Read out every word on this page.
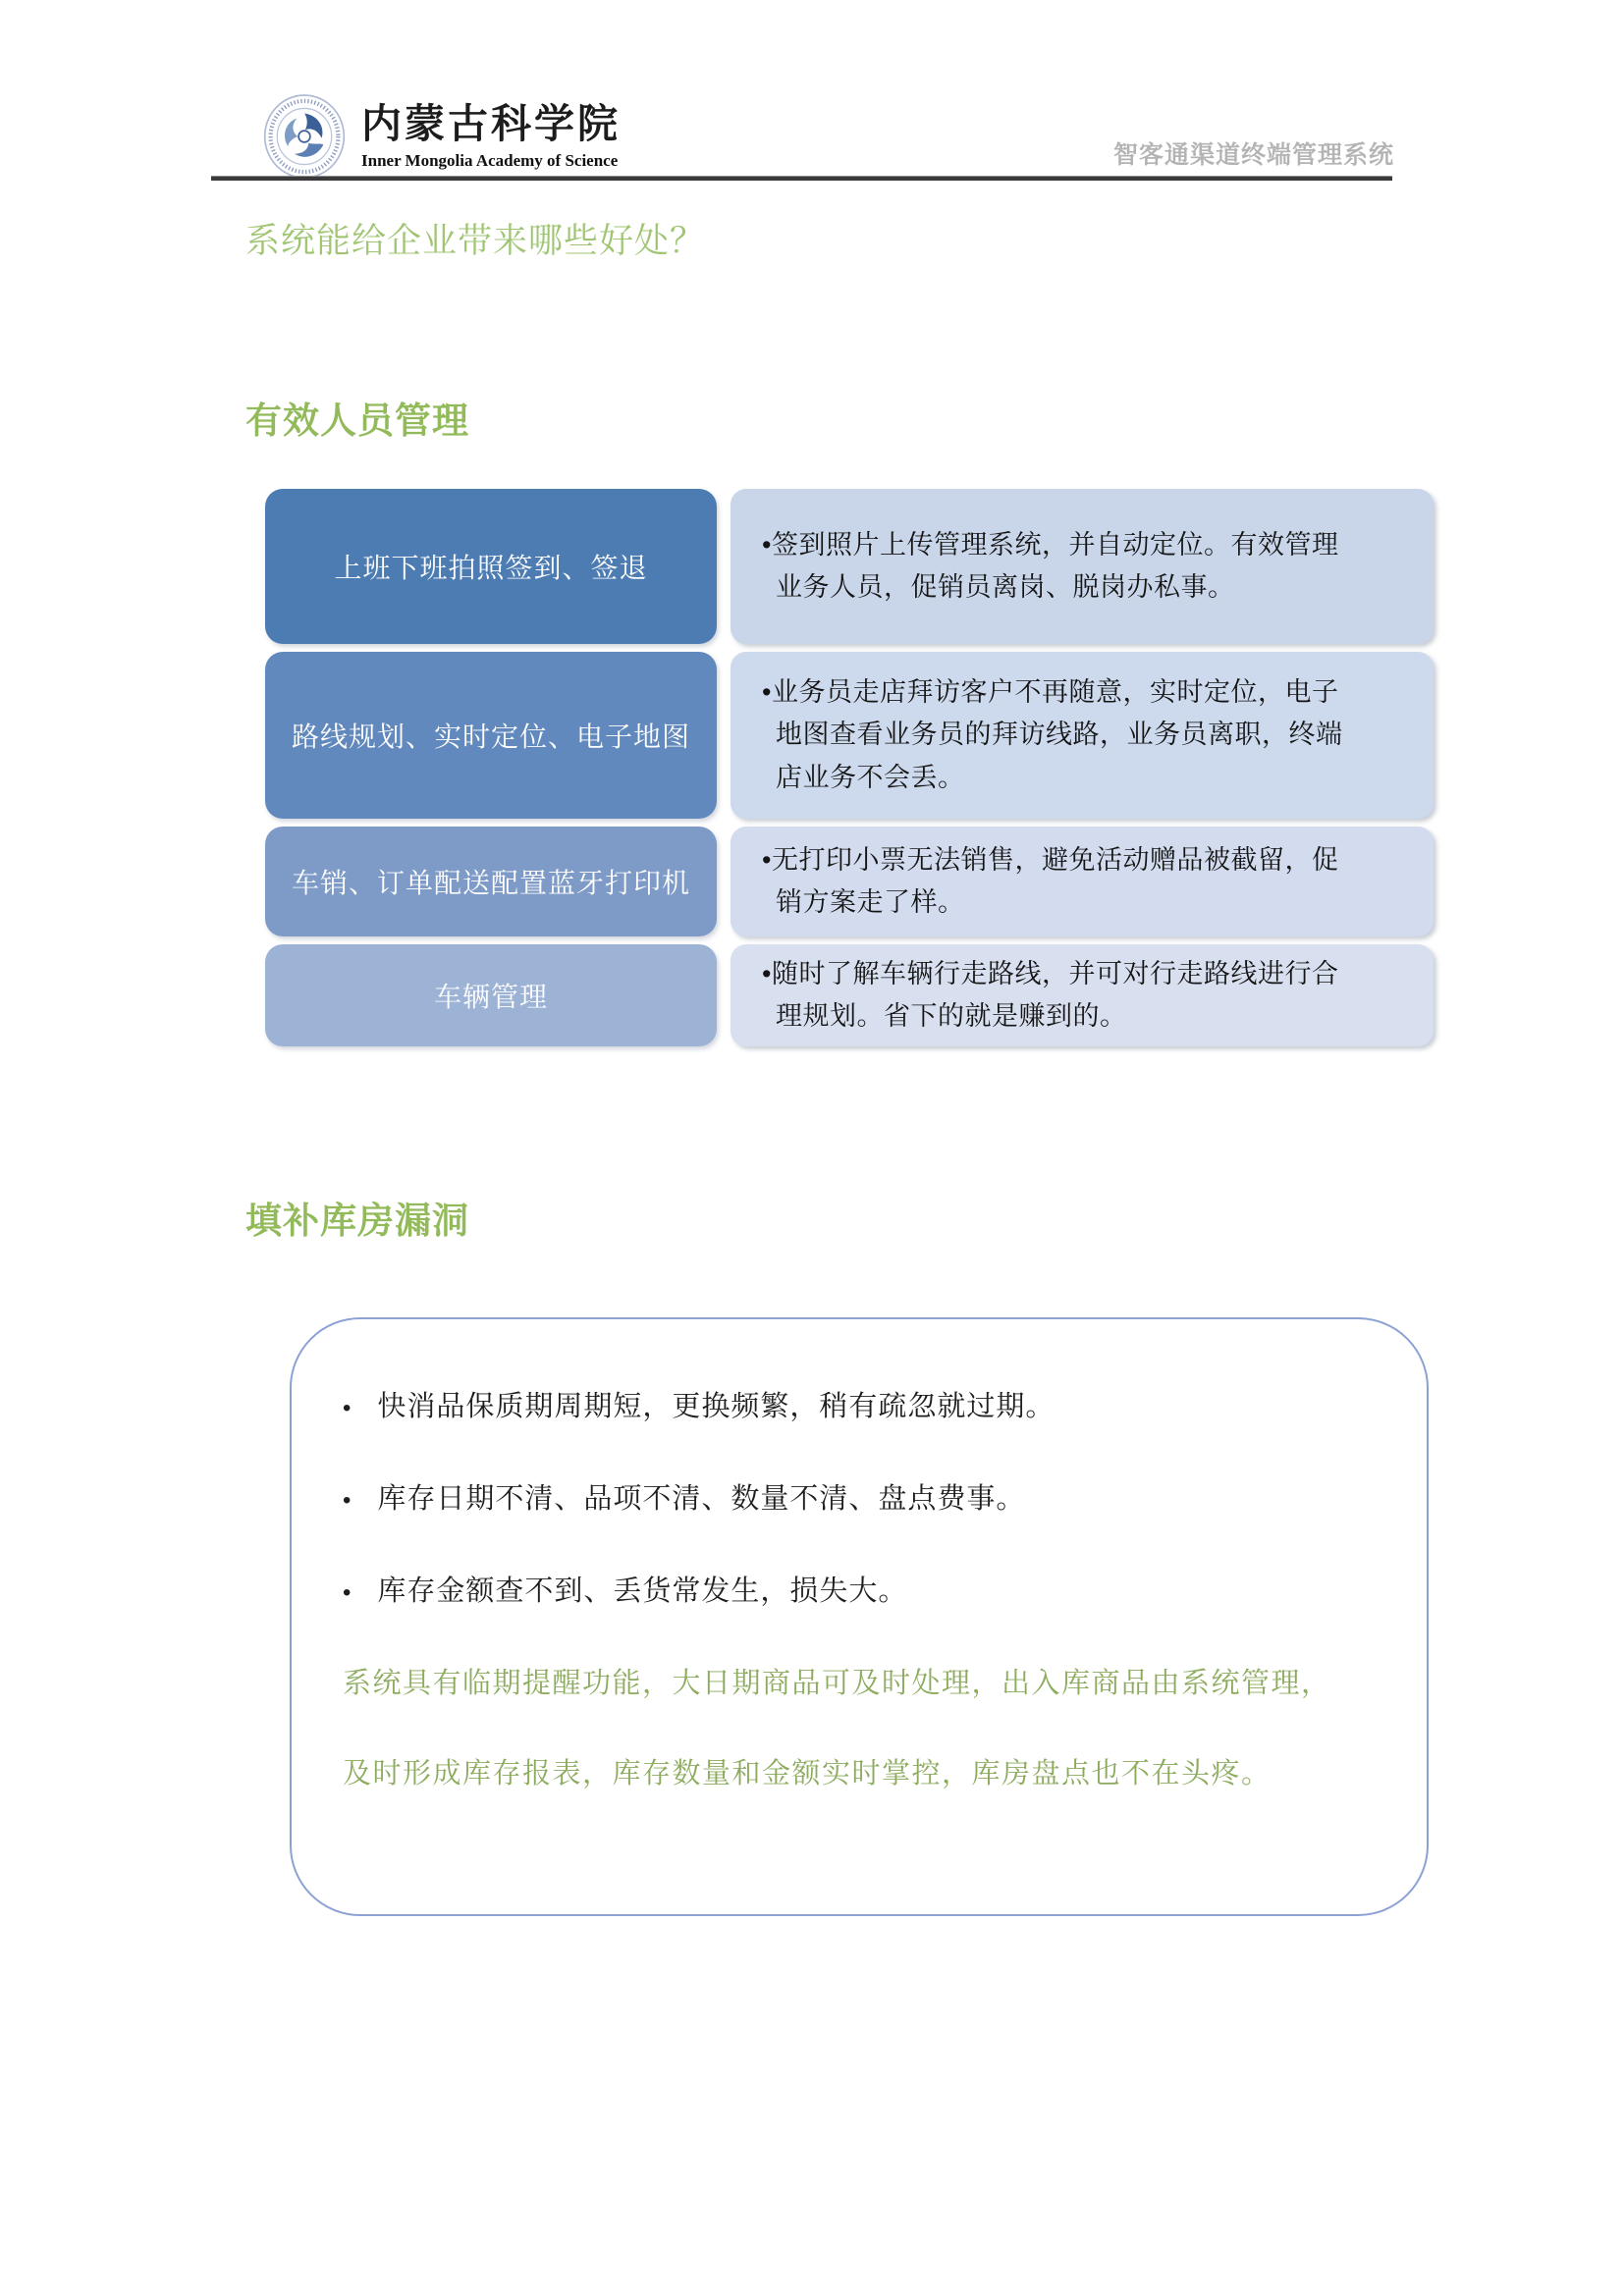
内蒙古科学院
Inner Mongolia Academy of Science	智客通渠道终端管理系统
系统能给企业带来哪些好处？
有效人员管理
上班下班拍照签到、签退

•签到照片上传管理系统，并自动定位。有效管理业务人员，促销员离岗、脱岗办私事。

路线规划、实时定位、电子地图

•业务员走店拜访客户不再随意，实时定位，电子地图查看业务员的拜访线路，业务员离职，终端店业务不会丢。

车销、订单配送配置蓝牙打印机

•无打印小票无法销售，避免活动赠品被截留，促销方案走了样。

车辆管理

•随时了解车辆行走路线，并可对行走路线进行合理规划。省下的就是赚到的。

填补库房漏洞
• 快消品保质期周期短，更换频繁，稍有疏忽就过期。
• 库存日期不清、品项不清、数量不清、盘点费事。
• 库存金额查不到、丢货常发生，损失大。

系统具有临期提醒功能，大日期商品可及时处理，出入库商品由系统管理，

及时形成库存报表，库存数量和金额实时掌控，库房盘点也不在头疼。
